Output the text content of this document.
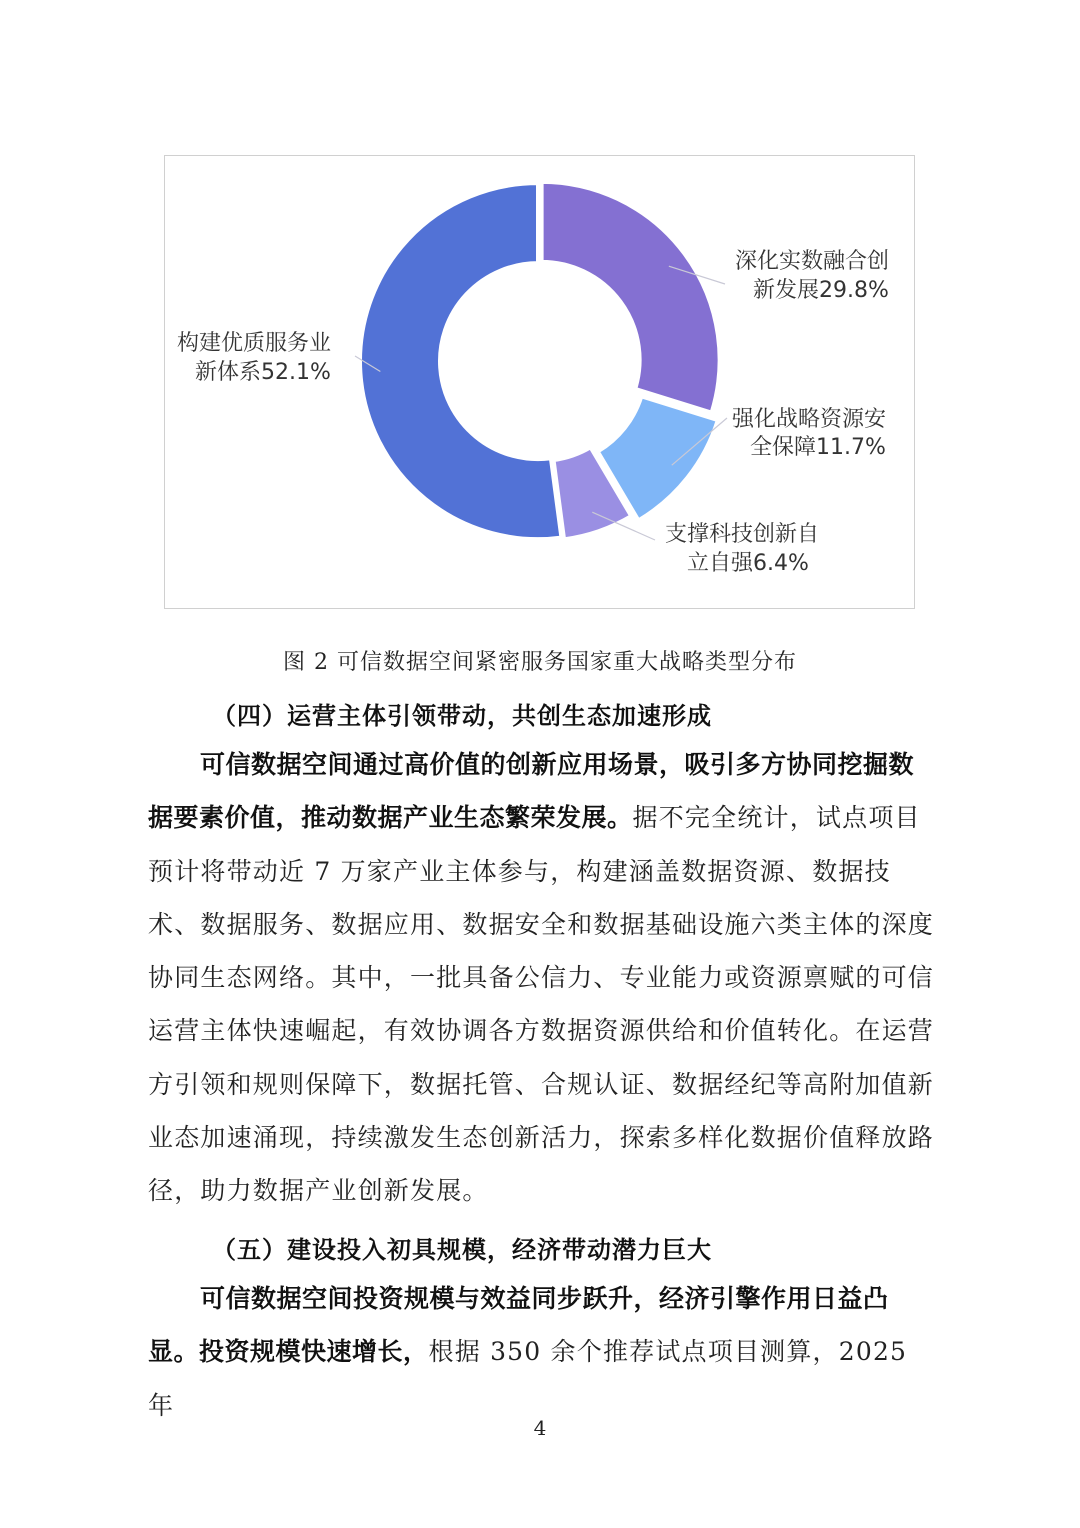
深化实数融合创
新发展29.8%
强化战略资源安
全保障11.7%
支撑科技创新自
立自强6.4%
构建优质服务业
新体系52.1%
图 2 可信数据空间紧密服务国家重大战略类型分布

（四）运营主体引领带动，共创生态加速形成

可信数据空间通过高价值的创新应用场景，吸引多方协同挖掘数据要素价值，推动数据产业生态繁荣发展。据不完全统计，试点项目预计将带动近 7 万家产业主体参与，构建涵盖数据资源、数据技术、数据服务、数据应用、数据安全和数据基础设施六类主体的深度协同生态网络。其中，一批具备公信力、专业能力或资源禀赋的可信运营主体快速崛起，有效协调各方数据资源供给和价值转化。在运营方引领和规则保障下，数据托管、合规认证、数据经纪等高附加值新业态加速涌现，持续激发生态创新活力，探索多样化数据价值释放路径，助力数据产业创新发展。

（五）建设投入初具规模，经济带动潜力巨大

可信数据空间投资规模与效益同步跃升，经济引擎作用日益凸显。投资规模快速增长，根据 350 余个推荐试点项目测算，2025 年

4
